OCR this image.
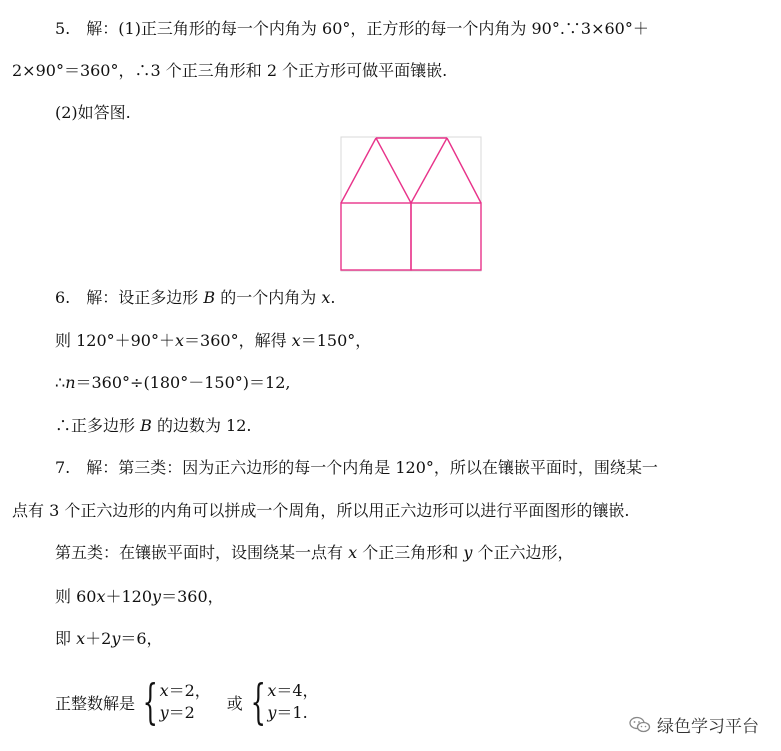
5.　解：(1)正三角形的每一个内角为 60°，正方形的每一个内角为 90°.∵3×60°＋
2×90°＝360°，∴3 个正三角形和 2 个正方形可做平面镶嵌.
(2)如答图.
6.　解：设正多边形 B 的一个内角为 x.
则 120°＋90°＋x＝360°，解得 x＝150°，
∴n＝360°÷(180°－150°)＝12,
∴正多边形 B 的边数为 12.
7.　解：第三类：因为正六边形的每一个内角是 120°，所以在镶嵌平面时，围绕某一
点有 3 个正六边形的内角可以拼成一个周角，所以用正六边形可以进行平面图形的镶嵌.
第五类：在镶嵌平面时，设围绕某一点有 x 个正三角形和 y 个正六边形，
则 60x＋120y＝360，
即 x＋2y＝6，
正整数解是 { x＝2，
y＝2	或 { x＝4，
y＝1.
绿色学习平台
